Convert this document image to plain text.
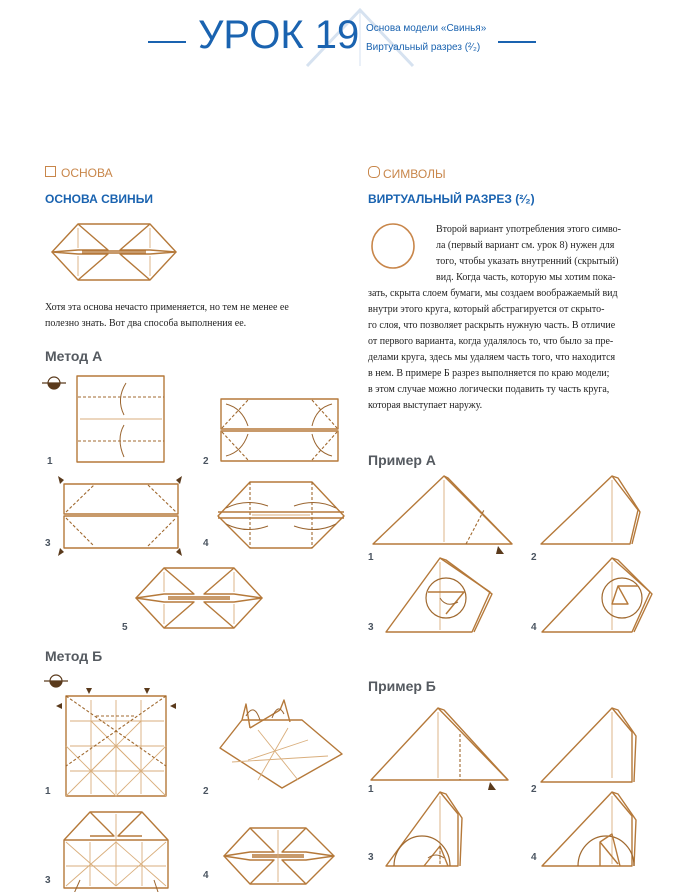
УРОК 19 Основа модели «Свинья»
Виртуальный разрез (²⁄₂)
ОСНОВА
ОСНОВА СВИНЬИ
Хотя эта основа нечасто применяется, но тем не менее ее
полезно знать. Вот два способа выполнения ее.
Метод А
1	2
3	4
5
Метод Б
1	2
3	4
СИМВОЛЫ
ВИРТУАЛЬНЫЙ РАЗРЕЗ (²⁄₂)
Второй вариант употребления этого симво-
ла (первый вариант см. урок 8) нужен для
того, чтобы указать внутренний (скрытый)
вид. Когда часть, которую мы хотим пока-
зать, скрыта слоем бумаги, мы создаем воображаемый вид
внутри этого круга, который абстрагируется от скрыто-
го слоя, что позволяет раскрыть нужную часть. В отличие
от первого варианта, когда удалялось то, что было за пре-
делами круга, здесь мы удаляем часть того, что находится
в нем. В примере Б разрез выполняется по краю модели;
в этом случае можно логически подавить ту часть круга,
которая выступает наружу.
Пример А
1	2
3	4
Пример Б
1	2
3	4
